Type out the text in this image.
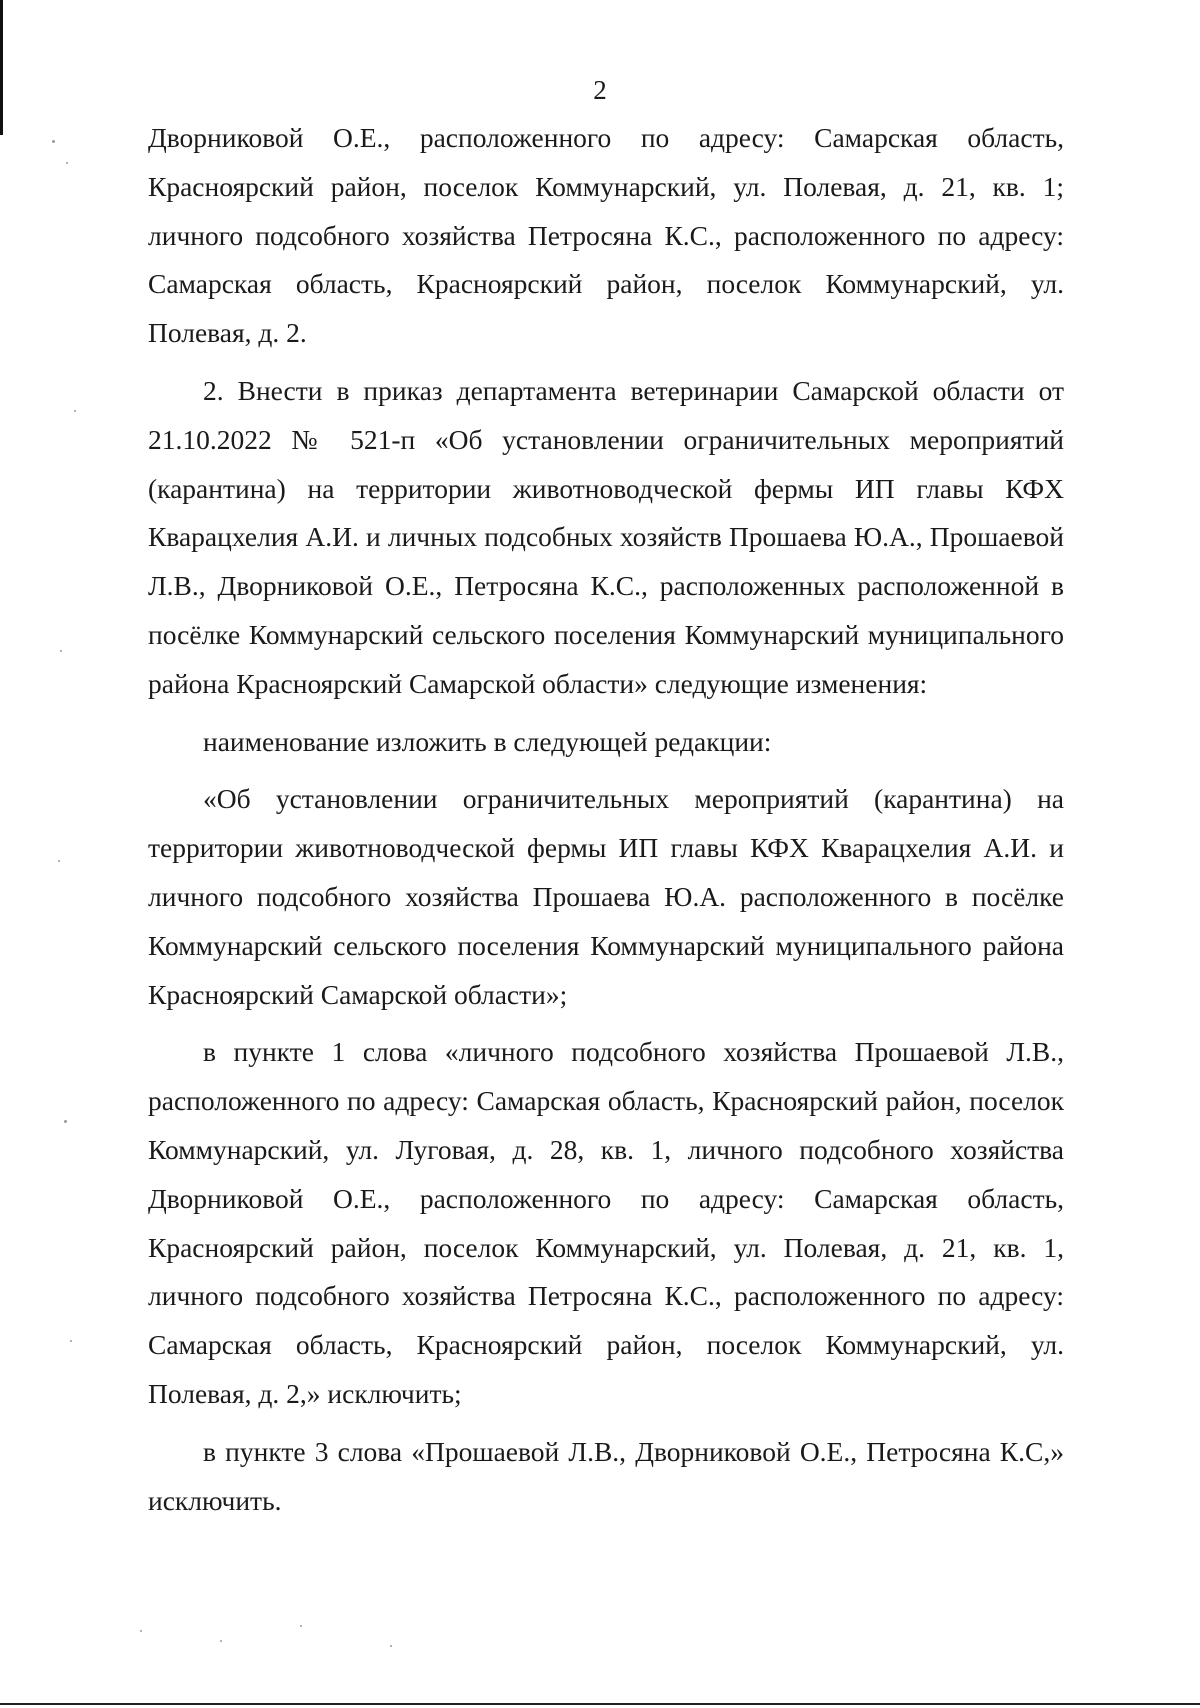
2

Дворниковой О.Е., расположенного по адресу: Самарская область, Красноярский район, поселок Коммунарский, ул. Полевая, д. 21, кв. 1; личного подсобного хозяйства Петросяна К.С., расположенного по адресу: Самарская область, Красноярский район, поселок Коммунарский, ул. Полевая, д. 2.

2. Внести в приказ департамента ветеринарии Самарской области от 21.10.2022 № 521-п «Об установлении ограничительных мероприятий (карантина) на территории животноводческой фермы ИП главы КФХ Кварацхелия А.И. и личных подсобных хозяйств Прошаева Ю.А., Прошаевой Л.В., Дворниковой О.Е., Петросяна К.С., расположенных расположенной в посёлке Коммунарский сельского поселения Коммунарский муниципального района Красноярский Самарской области» следующие изменения:

наименование изложить в следующей редакции:

«Об установлении ограничительных мероприятий (карантина) на территории животноводческой фермы ИП главы КФХ Кварацхелия А.И. и личного подсобного хозяйства Прошаева Ю.А. расположенного в посёлке Коммунарский сельского поселения Коммунарский муниципального района Красноярский Самарской области»;

в пункте 1 слова «личного подсобного хозяйства Прошаевой Л.В., расположенного по адресу: Самарская область, Красноярский район, поселок Коммунарский, ул. Луговая, д. 28, кв. 1, личного подсобного хозяйства Дворниковой О.Е., расположенного по адресу: Самарская область, Красноярский район, поселок Коммунарский, ул. Полевая, д. 21, кв. 1, личного подсобного хозяйства Петросяна К.С., расположенного по адресу: Самарская область, Красноярский район, поселок Коммунарский, ул. Полевая, д. 2,» исключить;

в пункте 3 слова «Прошаевой Л.В., Дворниковой О.Е., Петросяна К.С,» исключить.
